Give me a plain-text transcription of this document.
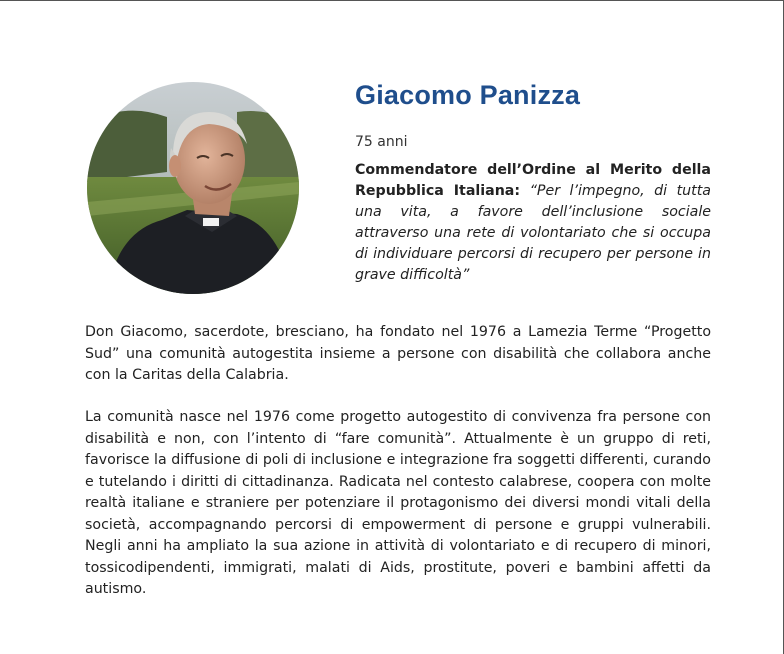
Giacomo Panizza
75 anni
Commendatore dell’Ordine al Merito della Repubblica Italiana: “Per l’impegno, di tutta una vita, a favore dell’inclusione sociale attraverso una rete di volontariato che si occupa di individuare percorsi di recupero per persone in grave difficoltà”

Don Giacomo, sacerdote, bresciano, ha fondato nel 1976 a Lamezia Terme “Progetto Sud” una comunità autogestita insieme a persone con disabilità che collabora anche con la Caritas della Calabria.

La comunità nasce nel 1976 come progetto autogestito di convivenza fra persone con disabilità e non, con l’intento di “fare comunità”. Attualmente è un gruppo di reti, favorisce la diffusione di poli di inclusione e integrazione fra soggetti differenti, curando e tutelando i diritti di cittadinanza. Radicata nel contesto calabrese, coopera con molte realtà italiane e straniere per potenziare il protagonismo dei diversi mondi vitali della società, accompagnando percorsi di empowerment di persone e gruppi vulnerabili. Negli anni ha ampliato la sua azione in attività di volontariato e di recupero di minori, tossicodipendenti, immigrati, malati di Aids, prostitute, poveri e bambini affetti da autismo.
